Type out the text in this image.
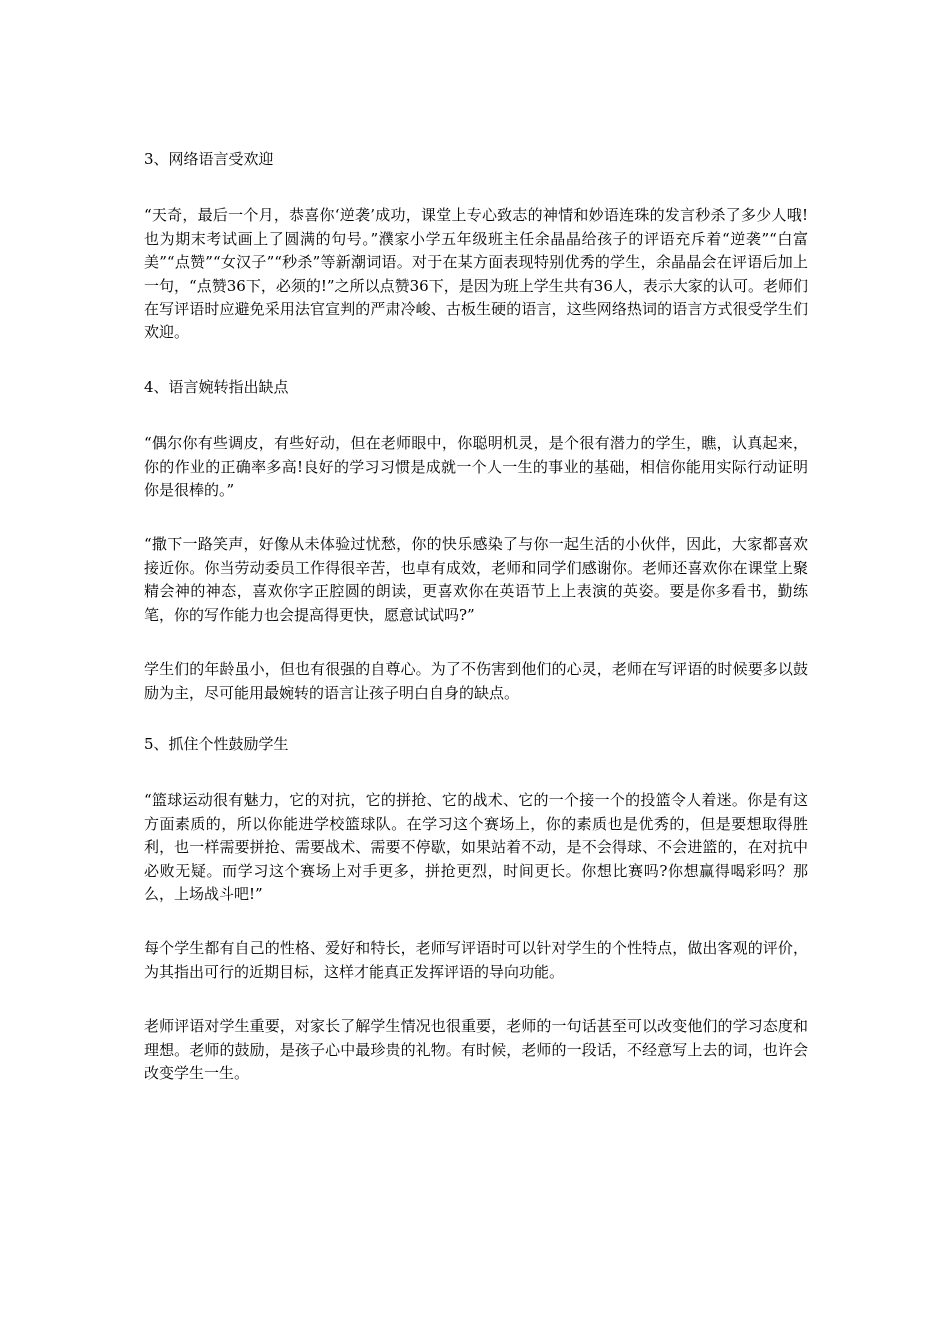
3、网络语言受欢迎

“天奇，最后一个月，恭喜你‘逆袭’成功，课堂上专心致志的神情和妙语连珠的发言秒杀了多少人哦!也为期末考试画上了圆满的句号。”濮家小学五年级班主任余晶晶给孩子的评语充斥着“逆袭”“白富美”“点赞”“女汉子”“秒杀”等新潮词语。对于在某方面表现特别优秀的学生，余晶晶会在评语后加上一句，“点赞36下，必须的!”之所以点赞36下，是因为班上学生共有36人，表示大家的认可。老师们在写评语时应避免采用法官宣判的严肃冷峻、古板生硬的语言，这些网络热词的语言方式很受学生们欢迎。

4、语言婉转指出缺点

“偶尔你有些调皮，有些好动，但在老师眼中，你聪明机灵，是个很有潜力的学生，瞧，认真起来，你的作业的正确率多高!良好的学习习惯是成就一个人一生的事业的基础，相信你能用实际行动证明你是很棒的。”

“撒下一路笑声，好像从未体验过忧愁，你的快乐感染了与你一起生活的小伙伴，因此，大家都喜欢接近你。你当劳动委员工作得很辛苦，也卓有成效，老师和同学们感谢你。老师还喜欢你在课堂上聚精会神的神态，喜欢你字正腔圆的朗读，更喜欢你在英语节上上表演的英姿。要是你多看书，勤练笔，你的写作能力也会提高得更快，愿意试试吗?”

学生们的年龄虽小，但也有很强的自尊心。为了不伤害到他们的心灵，老师在写评语的时候要多以鼓励为主，尽可能用最婉转的语言让孩子明白自身的缺点。

5、抓住个性鼓励学生

“篮球运动很有魅力，它的对抗，它的拼抢、它的战术、它的一个接一个的投篮令人着迷。你是有这方面素质的，所以你能进学校篮球队。在学习这个赛场上，你的素质也是优秀的，但是要想取得胜利，也一样需要拼抢、需要战术、需要不停歇，如果站着不动，是不会得球、不会进篮的，在对抗中必败无疑。而学习这个赛场上对手更多，拼抢更烈，时间更长。你想比赛吗?你想赢得喝彩吗？那么，上场战斗吧!”

每个学生都有自己的性格、爱好和特长，老师写评语时可以针对学生的个性特点，做出客观的评价，为其指出可行的近期目标，这样才能真正发挥评语的导向功能。

老师评语对学生重要，对家长了解学生情况也很重要，老师的一句话甚至可以改变他们的学习态度和理想。老师的鼓励，是孩子心中最珍贵的礼物。有时候，老师的一段话，不经意写上去的词，也许会改变学生一生。
